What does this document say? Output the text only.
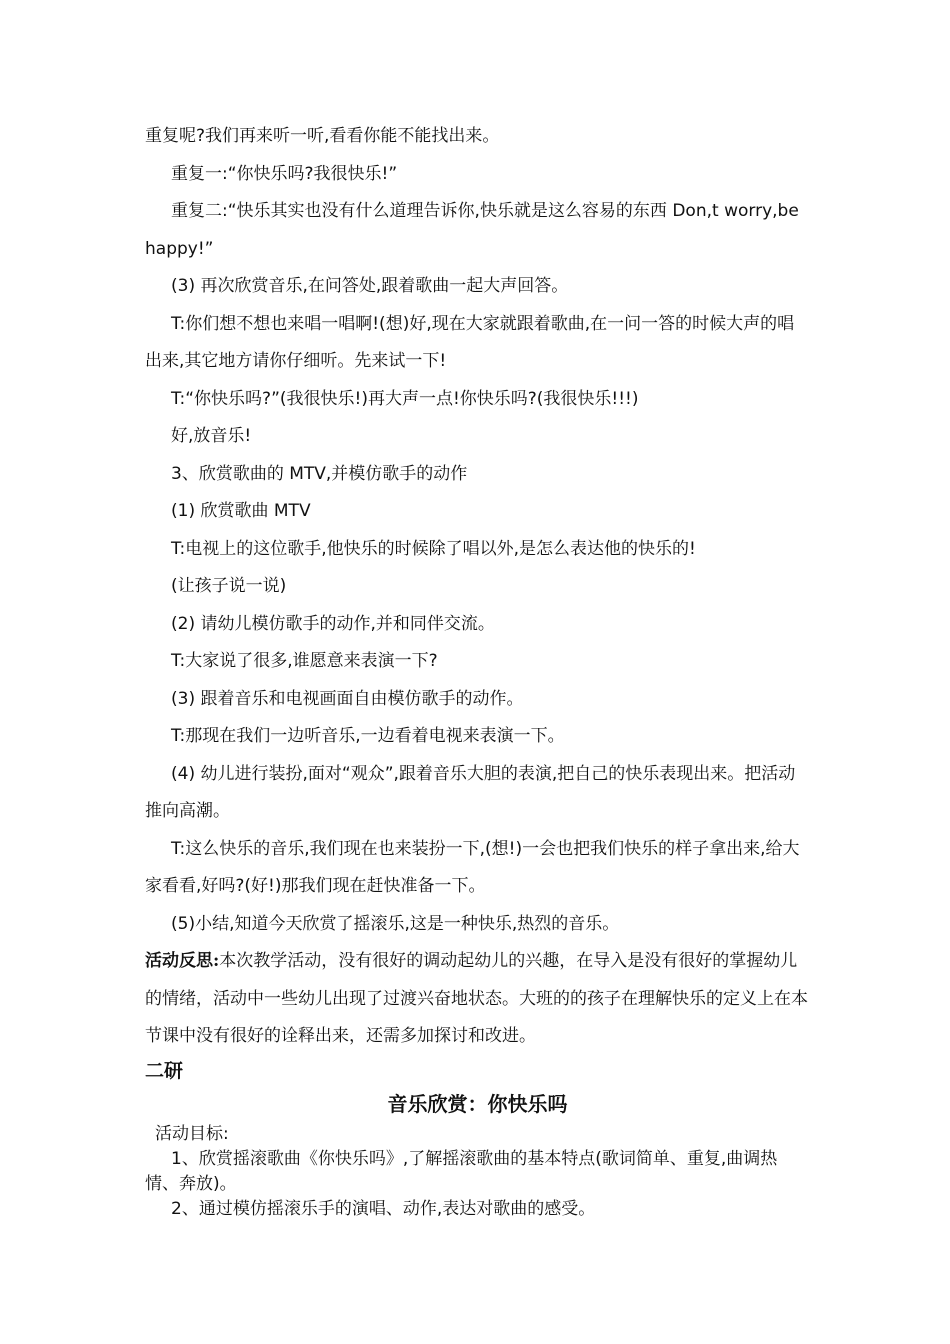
重复呢?我们再来听一听,看看你能不能找出来。

重复一:“你快乐吗?我很快乐!”

重复二:“快乐其实也没有什么道理告诉你,快乐就是这么容易的东西 Don,t worry,be happy!”

(3) 再次欣赏音乐,在问答处,跟着歌曲一起大声回答。

T:你们想不想也来唱一唱啊!(想)好,现在大家就跟着歌曲,在一问一答的时候大声的唱出来,其它地方请你仔细听。先来试一下!

T:“你快乐吗?”(我很快乐!)再大声一点!你快乐吗?(我很快乐!!!)

好,放音乐!

3、欣赏歌曲的 MTV,并模仿歌手的动作

(1) 欣赏歌曲 MTV

T:电视上的这位歌手,他快乐的时候除了唱以外,是怎么表达他的快乐的!

(让孩子说一说)

(2) 请幼儿模仿歌手的动作,并和同伴交流。

T:大家说了很多,谁愿意来表演一下?

(3) 跟着音乐和电视画面自由模仿歌手的动作。

T:那现在我们一边听音乐,一边看着电视来表演一下。

(4) 幼儿进行装扮,面对“观众”,跟着音乐大胆的表演,把自己的快乐表现出来。把活动推向高潮。

T:这么快乐的音乐,我们现在也来装扮一下,(想!)一会也把我们快乐的样子拿出来,给大家看看,好吗?(好!)那我们现在赶快准备一下。

(5)小结,知道今天欣赏了摇滚乐,这是一种快乐,热烈的音乐。

活动反思:本次教学活动，没有很好的调动起幼儿的兴趣，在导入是没有很好的掌握幼儿的情绪，活动中一些幼儿出现了过渡兴奋地状态。大班的的孩子在理解快乐的定义上在本节课中没有很好的诠释出来，还需多加探讨和改进。

二研

音乐欣赏：你快乐吗

活动目标:

1、欣赏摇滚歌曲《你快乐吗》,了解摇滚歌曲的基本特点(歌词简单、重复,曲调热情、奔放)。

2、通过模仿摇滚乐手的演唱、动作,表达对歌曲的感受。
